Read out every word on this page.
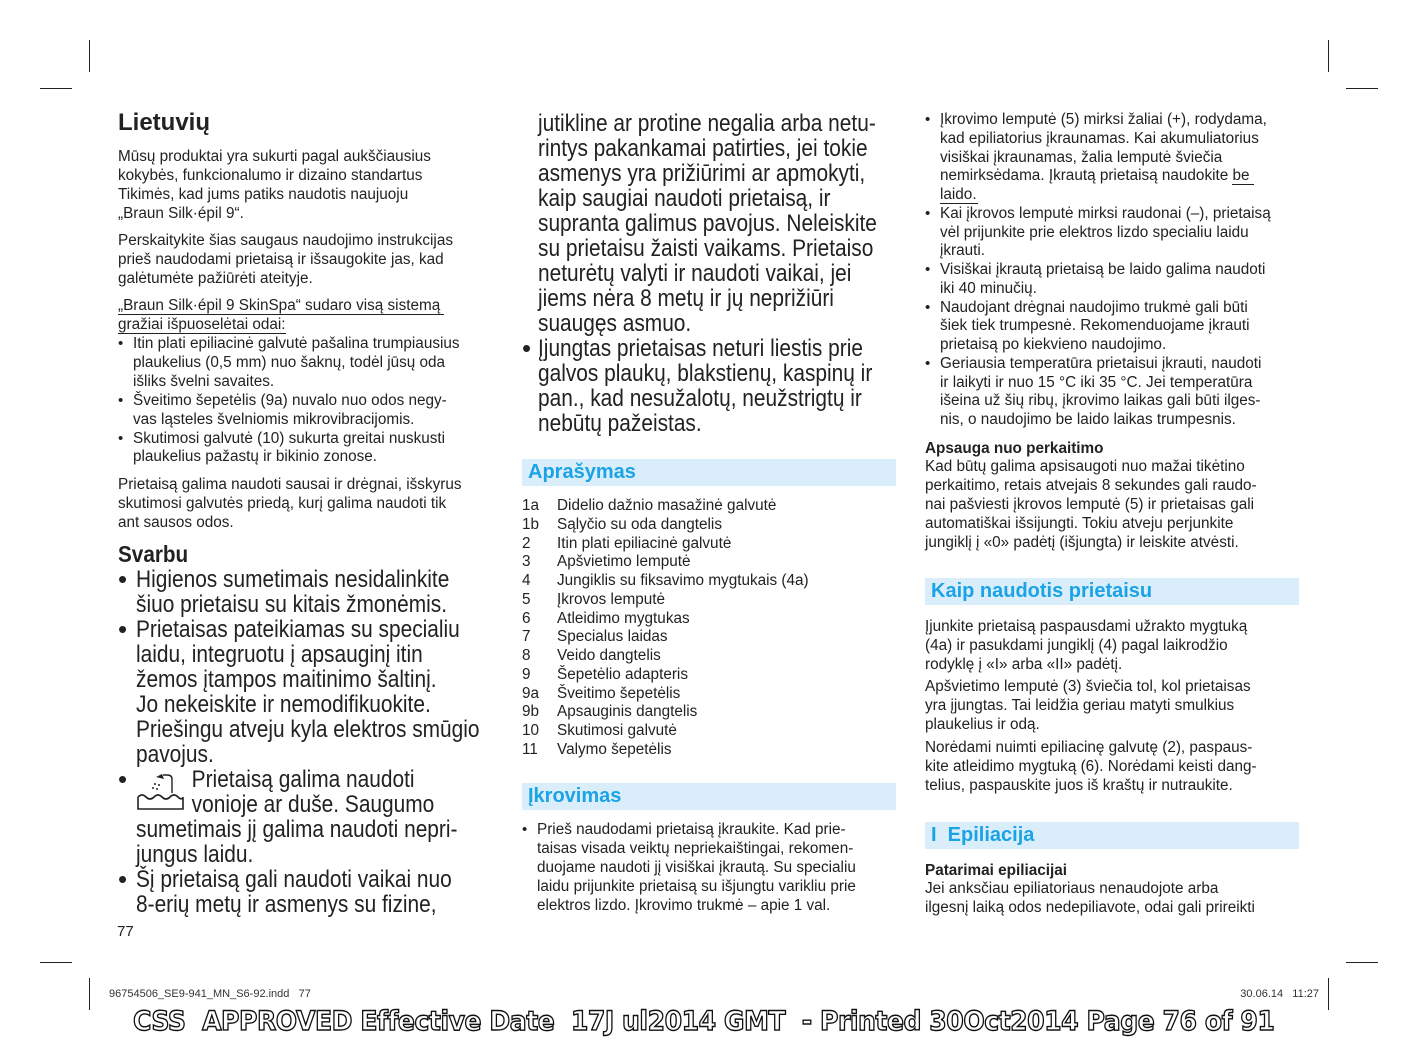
Lietuvių
Mūsų produktai yra sukurti pagal aukščiausius
kokybės, funkcionalumo ir dizaino standartus
Tikimės, kad jums patiks naudotis naujuoju
„Braun Silk·épil 9“.
Perskaitykite šias saugaus naudojimo instrukcijas
prieš naudodami prietaisą ir išsaugokite jas, kad
galėtumėte pažiūrėti ateityje.
„Braun Silk·épil 9 SkinSpa“ sudaro visą sistemą
gražiai išpuoselėtai odai:
• Itin plati epiliacinė galvutė pašalina trumpiausius
plaukelius (0,5 mm) nuo šaknų, todėl jūsų oda
išliks švelni savaites.
• Šveitimo šepetėlis (9a) nuvalo nuo odos negy-
vas ląsteles švelniomis mikrovibracijomis.
• Skutimosi galvutė (10) sukurta greitai nuskusti
plaukelius pažastų ir bikinio zonose.
Prietaisą galima naudoti sausai ir drėgnai, išskyrus
skutimosi galvutės priedą, kurį galima naudoti tik
ant sausos odos.
Svarbu
• Higienos sumetimais nesidalinkite
šiuo prietaisu su kitais žmonėmis.
• Prietaisas pateikiamas su specialiu
laidu, integruotu į apsauginį itin
žemos įtampos maitinimo šaltinį.
Jo nekeiskite ir nemodifikuokite.
Priešingu atveju kyla elektros smūgio
pavojus.
•	Prietaisą galima naudoti
vonioje ar duše. Saugumo
sumetimais jį galima naudoti nepri-
jungus laidu.
• Šį prietaisą gali naudoti vaikai nuo
8-erių metų ir asmenys su fizine,
jutikline ar protine negalia arba netu-
rintys pakankamai patirties, jei tokie
asmenys yra prižiūrimi ar apmokyti,
kaip saugiai naudoti prietaisą, ir
supranta galimus pavojus. Neleiskite
su prietaisu žaisti vaikams. Prietaiso
neturėtų valyti ir naudoti vaikai, jei
jiems nėra 8 metų ir jų neprižiūri
suaugęs asmuo.
• Įjungtas prietaisas neturi liestis prie
galvos plaukų, blakstienų, kaspinų ir
pan., kad nesužalotų, neužstrigtų ir
nebūtų pažeistas.
Aprašymas
1a Didelio dažnio masažinė galvutė
1b Sąlyčio su oda dangtelis
2 Itin plati epiliacinė galvutė
3 Apšvietimo lemputė
4 Jungiklis su fiksavimo mygtukais (4a)
5 Įkrovos lemputė
6 Atleidimo mygtukas
7 Specialus laidas
8 Veido dangtelis
9 Šepetėlio adapteris
9a Šveitimo šepetėlis
9b Apsauginis dangtelis
10 Skutimosi galvutė
11 Valymo šepetėlis
Įkrovimas
• Prieš naudodami prietaisą įkraukite. Kad prie-
taisas visada veiktų nepriekaištingai, rekomen-
duojame naudoti jį visiškai įkrautą. Su specialiu
laidu prijunkite prietaisą su išjungtu varikliu prie
elektros lizdo. Įkrovimo trukmė – apie 1 val.
• Įkrovimo lemputė (5) mirksi žaliai (+), rodydama,
kad epiliatorius įkraunamas. Kai akumuliatorius
visiškai įkraunamas, žalia lemputė šviečia
nemirksėdama. Įkrautą prietaisą naudokite be
laido.
• Kai įkrovos lemputė mirksi raudonai (–), prietaisą
vėl prijunkite prie elektros lizdo specialiu laidu
įkrauti.
• Visiškai įkrautą prietaisą be laido galima naudoti
iki 40 minučių.
• Naudojant drėgnai naudojimo trukmė gali būti
šiek tiek trumpesnė. Rekomenduojame įkrauti
prietaisą po kiekvieno naudojimo.
• Geriausia temperatūra prietaisui įkrauti, naudoti
ir laikyti ir nuo 15 °C iki 35 °C. Jei temperatūra
išeina už šių ribų, įkrovimo laikas gali būti ilges-
nis, o naudojimo be laido laikas trumpesnis.
Apsauga nuo perkaitimo
Kad būtų galima apsisaugoti nuo mažai tikėtino
perkaitimo, retais atvejais 8 sekundes gali raudo-
nai pašviesti įkrovos lemputė (5) ir prietaisas gali
automatiškai išsijungti. Tokiu atveju perjunkite
jungiklį į «0» padėtį (išjungta) ir leiskite atvėsti.
Kaip naudotis prietaisu
Įjunkite prietaisą paspausdami užrakto mygtuką
(4a) ir pasukdami jungiklį (4) pagal laikrodžio
rodyklę į «I» arba «II» padėtį.
Apšvietimo lemputė (3) šviečia tol, kol prietaisas
yra įjungtas. Tai leidžia geriau matyti smulkius
plaukelius ir odą.
Norėdami nuimti epiliacinę galvutę (2), paspaus-
kite atleidimo mygtuką (6). Norėdami keisti dang-
telius, paspauskite juos iš kraštų ir nutraukite.
I  Epiliacija
Patarimai epiliacijai
Jei anksčiau epiliatoriaus nenaudojote arba
ilgesnį laiką odos nedepiliavote, odai gali prireikti
77
96754506_SE9-941_MN_S6-92.indd   77	30.06.14   11:27
CSS  APPROVED Effective Date  17J ul2014 GMT  - Printed 30Oct2014 Page 76 of 91
